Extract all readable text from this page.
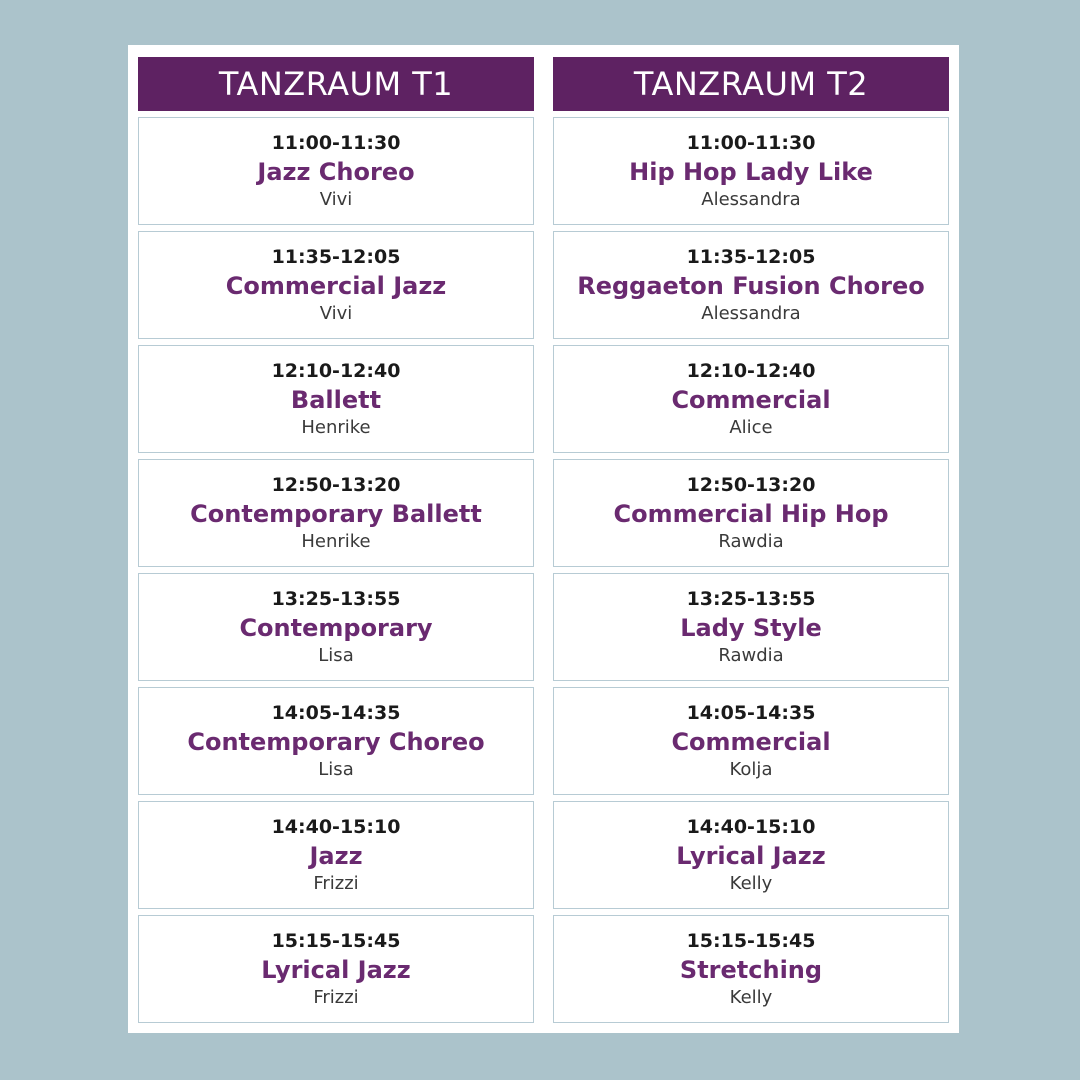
TANZRAUM T1
11:00-11:30
Jazz Choreo
Vivi
11:35-12:05
Commercial Jazz
Vivi
12:10-12:40
Ballett
Henrike
12:50-13:20
Contemporary Ballett
Henrike
13:25-13:55
Contemporary
Lisa
14:05-14:35
Contemporary Choreo
Lisa
14:40-15:10
Jazz
Frizzi
15:15-15:45
Lyrical Jazz
Frizzi
TANZRAUM T2
11:00-11:30
Hip Hop Lady Like
Alessandra
11:35-12:05
Reggaeton Fusion Choreo
Alessandra
12:10-12:40
Commercial
Alice
12:50-13:20
Commercial Hip Hop
Rawdia
13:25-13:55
Lady Style
Rawdia
14:05-14:35
Commercial
Kolja
14:40-15:10
Lyrical Jazz
Kelly
15:15-15:45
Stretching
Kelly
